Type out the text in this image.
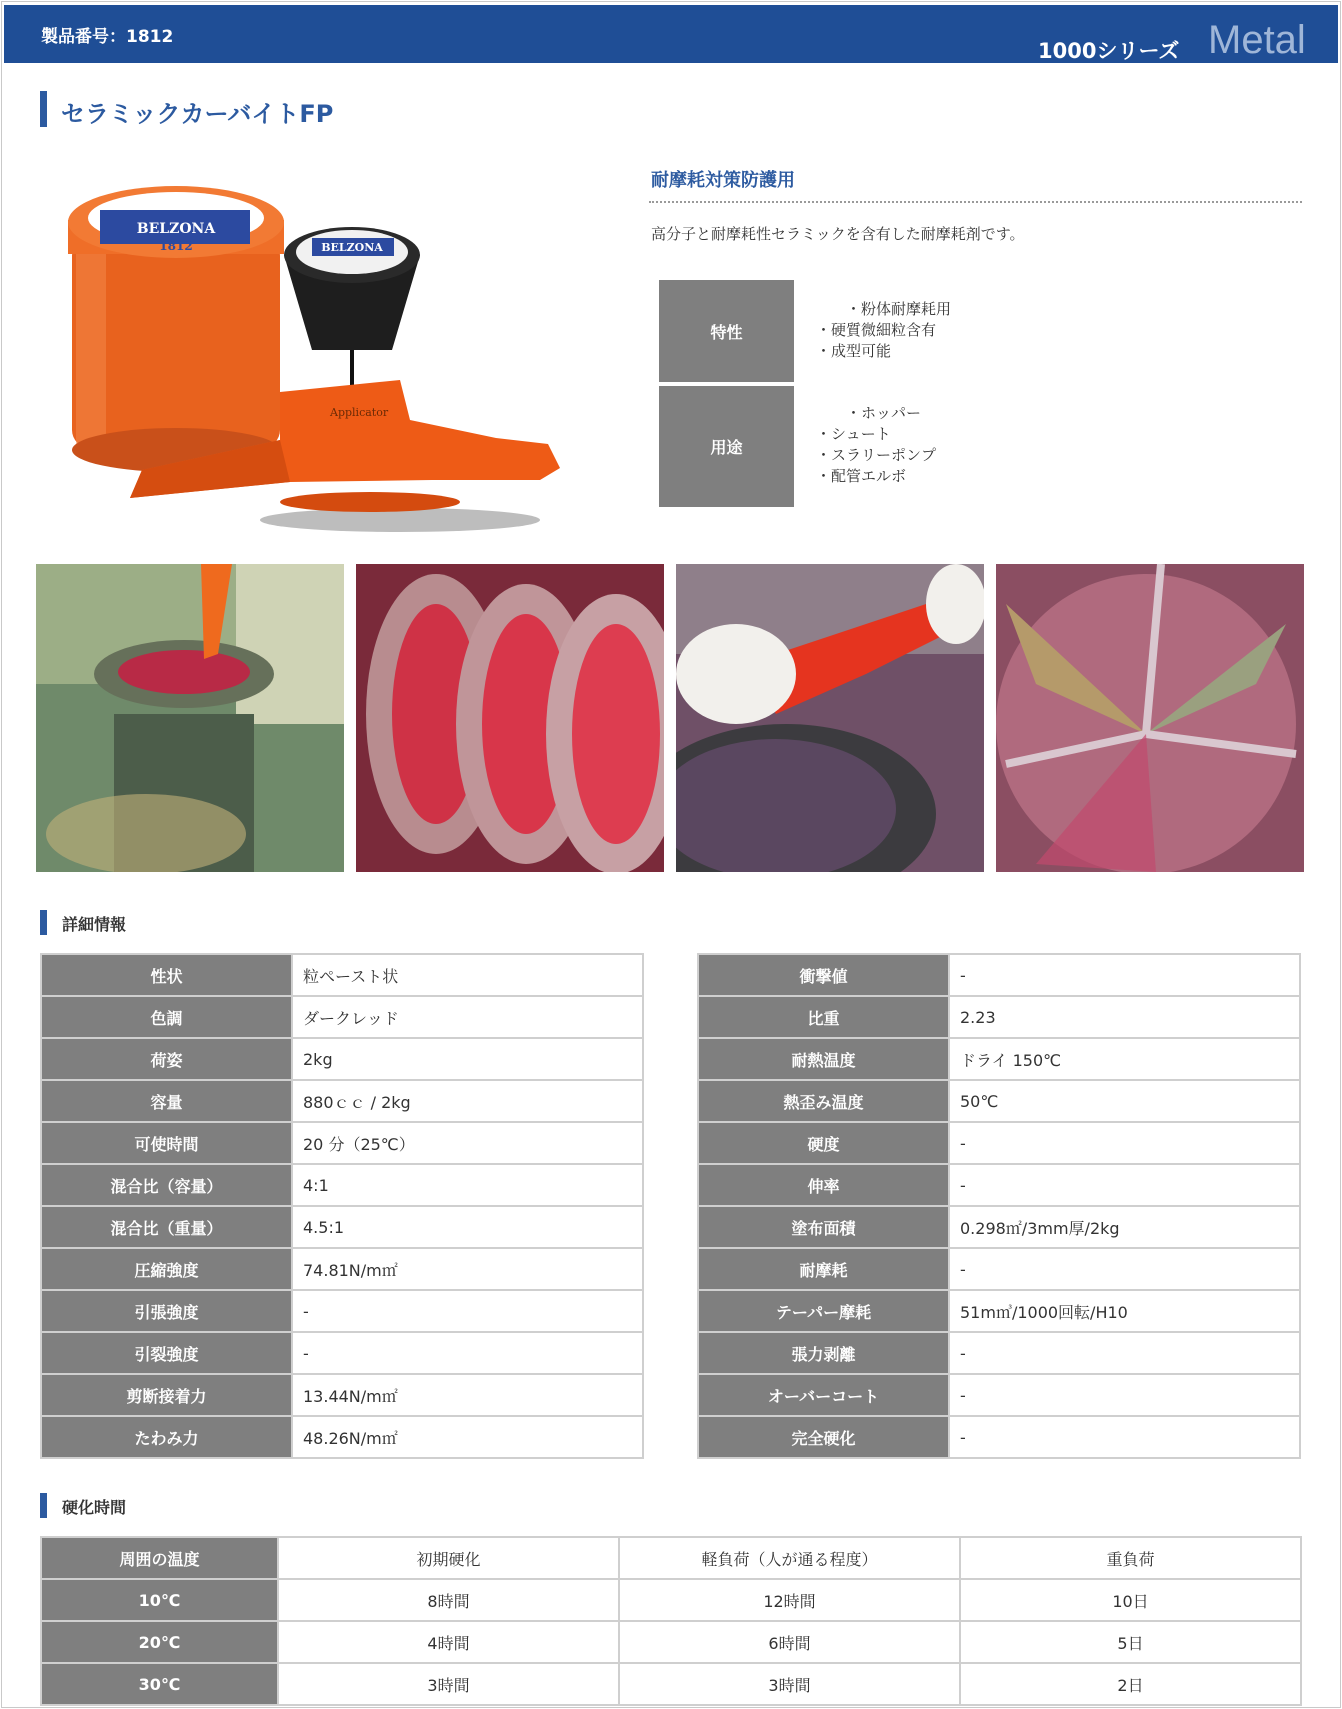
製品番号：1812
1000シリーズ Metal
セラミックカーバイトFP
BELZONA
1812	BELZONA
Applicator
耐摩耗対策防護用
高分子と耐摩耗性セラミックを含有した耐摩耗剤です。
特性
・粉体耐摩耗用
・硬質微細粒含有
・成型可能
用途
・ホッパー
・シュート
・スラリーポンプ
・配管エルボ
詳細情報
性状	粒ペースト状
色調	ダークレッド
荷姿	2kg
容量	880ｃｃ / 2kg
可使時間	20 分（25℃）
混合比（容量）	4:1
混合比（重量）	4.5:1
圧縮強度	74.81N/m㎡
引張強度	-
引裂強度	-
剪断接着力	13.44N/m㎡
たわみ力	48.26N/m㎡
衝撃値	-
比重	2.23
耐熱温度	ドライ 150℃
熱歪み温度	50℃
硬度	-
伸率	-
塗布面積	0.298㎡/3mm厚/2kg
耐摩耗	-
テーパー摩耗	51m㎥/1000回転/H10
張力剥離	-
オーバーコート	-
完全硬化	-
硬化時間
周囲の温度	初期硬化	軽負荷（人が通る程度）	重負荷
10℃	8時間	12時間	10日
20℃	4時間	6時間	5日
30℃	3時間	3時間	2日
